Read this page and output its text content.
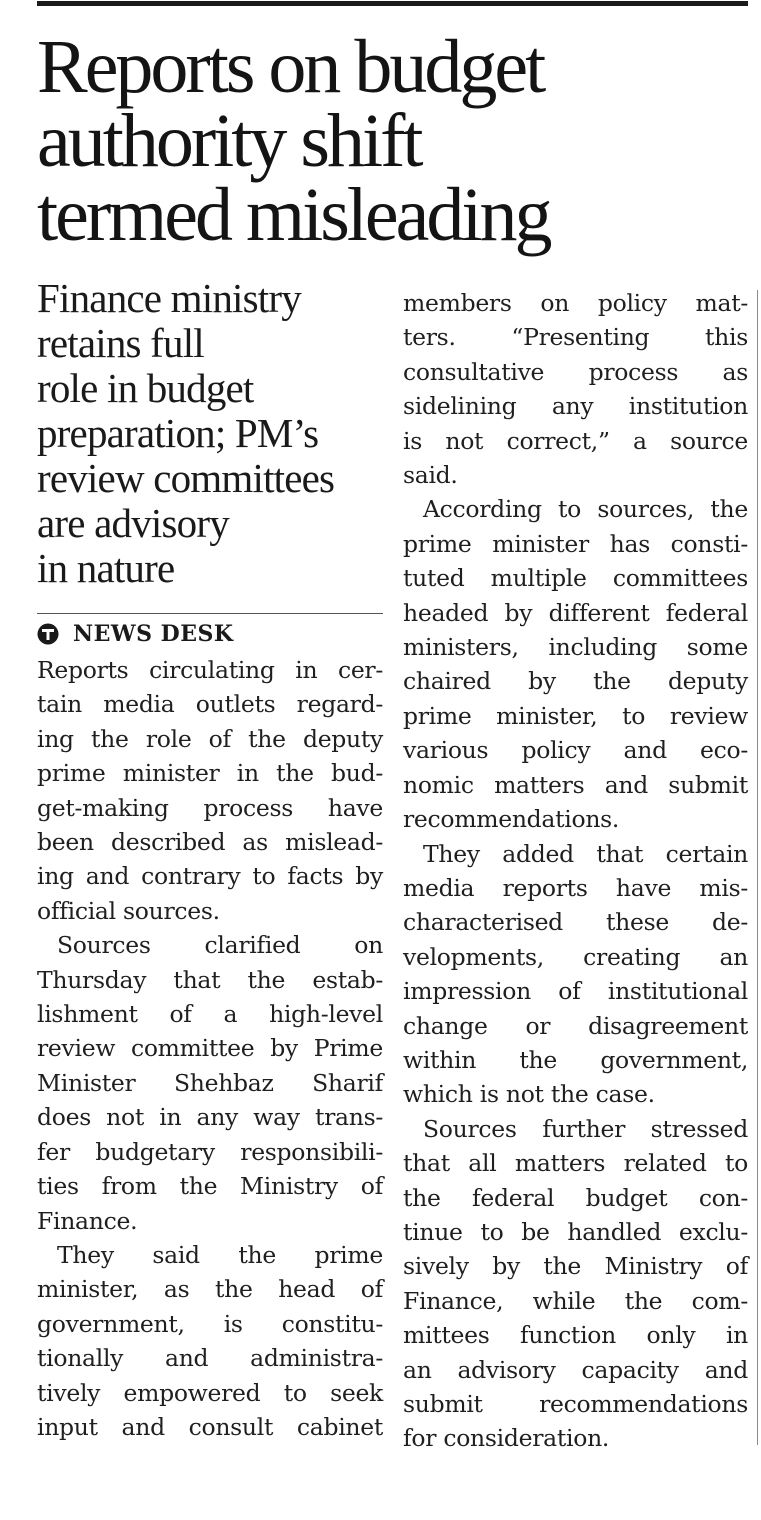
Reports on budget
authority shift
termed misleading
Finance ministry
retains full
role in budget
preparation; PM’s
review committees
are advisory
in nature
NEWS DESK
Reports circulating in cer-
tain media outlets regard-
ing the role of the deputy
prime minister in the bud-
get-making process have
been described as mislead-
ing and contrary to facts by
official sources.
Sources clarified on
Thursday that the estab-
lishment of a high-level
review committee by Prime
Minister Shehbaz Sharif
does not in any way trans-
fer budgetary responsibili-
ties from the Ministry of
Finance.
They said the prime
minister, as the head of
government, is constitu-
tionally and administra-
tively empowered to seek
input and consult cabinet
members on policy mat-
ters. “Presenting this
consultative process as
sidelining any institution
is not correct,” a source
said.
According to sources, the
prime minister has consti-
tuted multiple committees
headed by different federal
ministers, including some
chaired by the deputy
prime minister, to review
various policy and eco-
nomic matters and submit
recommendations.
They added that certain
media reports have mis-
characterised these de-
velopments, creating an
impression of institutional
change or disagreement
within the government,
which is not the case.
Sources further stressed
that all matters related to
the federal budget con-
tinue to be handled exclu-
sively by the Ministry of
Finance, while the com-
mittees function only in
an advisory capacity and
submit recommendations
for consideration.
